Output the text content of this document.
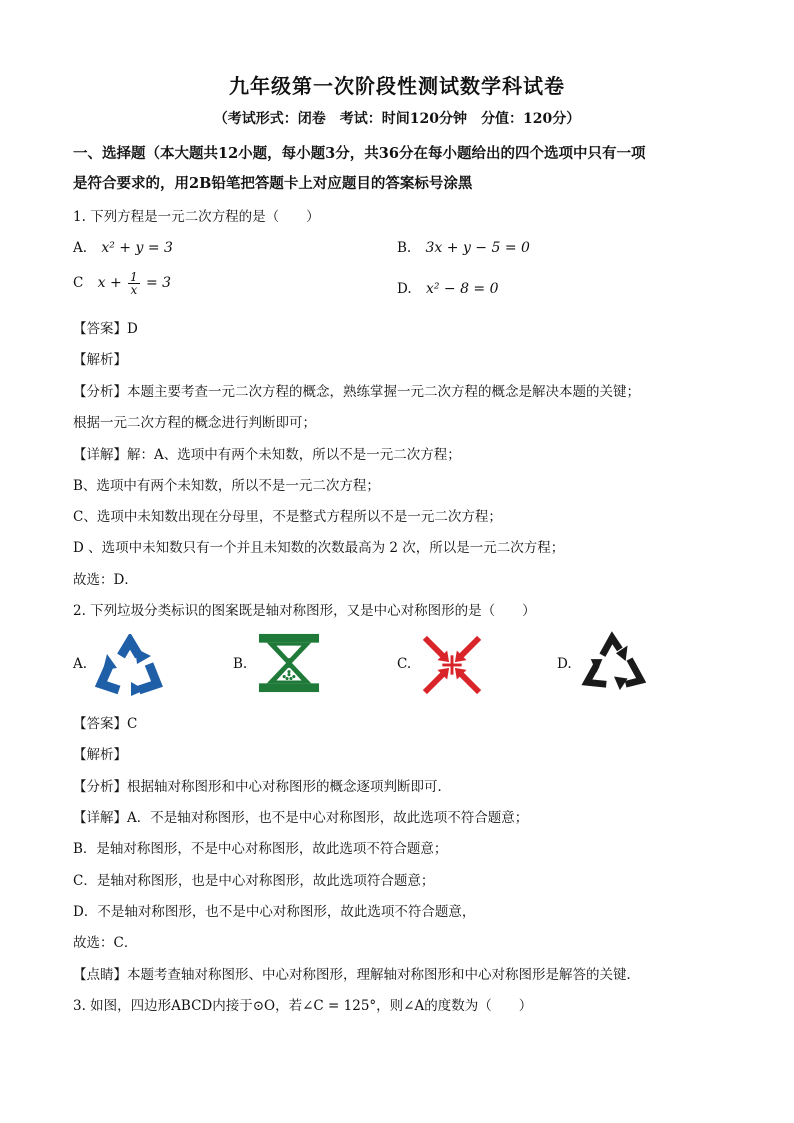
九年级第一次阶段性测试数学科试卷
（考试形式：闭卷　考试：时间120分钟　分值：120分）
一、选择题（本大题共12小题，每小题3分，共36分在每小题给出的四个选项中只有一项
是符合要求的，用2B铅笔把答题卡上对应题目的答案标号涂黑
1. 下列方程是一元二次方程的是（　　）
A. x² + y = 3	B. 3x + y − 5 = 0
C $x + \frac{1}{x} = 3$	D. x² − 8 = 0
【答案】D
【解析】
【分析】本题主要考查一元二次方程的概念，熟练掌握一元二次方程的概念是解决本题的关键；
根据一元二次方程的概念进行判断即可；
【详解】解：A、选项中有两个未知数，所以不是一元二次方程；
B、选项中有两个未知数，所以不是一元二次方程；
C、选项中未知数出现在分母里，不是整式方程所以不是一元二次方程；
D 、选项中未知数只有一个并且未知数的次数最高为 2 次，所以是一元二次方程；
故选：D．
2. 下列垃圾分类标识的图案既是轴对称图形，又是中心对称图形的是（　　）
A.	B.	C.	D.
【答案】C
【解析】
【分析】根据轴对称图形和中心对称图形的概念逐项判断即可．
【详解】A．不是轴对称图形，也不是中心对称图形，故此选项不符合题意；
B．是轴对称图形，不是中心对称图形，故此选项不符合题意；
C．是轴对称图形，也是中心对称图形，故此选项符合题意；
D．不是轴对称图形，也不是中心对称图形，故此选项不符合题意，
故选：C．
【点睛】本题考查轴对称图形、中心对称图形，理解轴对称图形和中心对称图形是解答的关键．
3. 如图，四边形ABCD内接于⊙O，若∠C = 125°，则∠A的度数为（　　）
